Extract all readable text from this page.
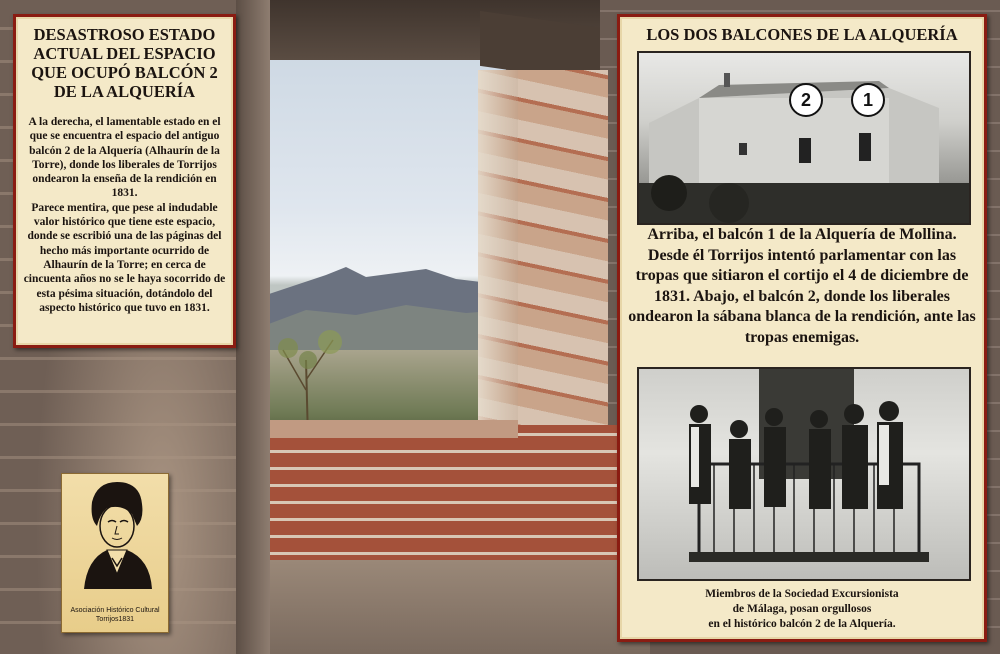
DESASTROSO ESTADO
ACTUAL DEL ESPACIO
QUE OCUPÓ BALCÓN 2
DE LA ALQUERÍA

A la derecha, el lamentable estado en el que se encuentra el espacio del antiguo balcón 2 de la Alquería (Alhaurín de la Torre), donde los liberales de Torrijos ondearon la enseña de la rendición en 1831.

Parece mentira, que pese al indudable valor histórico que tiene este espacio, donde se escribió una de las páginas del hecho más importante ocurrido de Alhaurín de la Torre; en cerca de cincuenta años no se le haya socorrido de esta pésima situación, dotándolo del aspecto histórico que tuvo en 1831.

LOS DOS BALCONES DE LA ALQUERÍA
2	1
Arriba, el balcón 1 de la Alquería de Mollina. Desde él Torrijos intentó parlamentar con las tropas que sitiaron el cortijo el 4 de diciembre de 1831. Abajo, el balcón 2, donde los liberales ondearon la sábana blanca de la rendición, ante las tropas enemigas.
Miembros de la Sociedad Excursionista
de Málaga, posan orgullosos
en el histórico balcón 2 de la Alquería.
Asociación Histórico Cultural
Torrijos1831
